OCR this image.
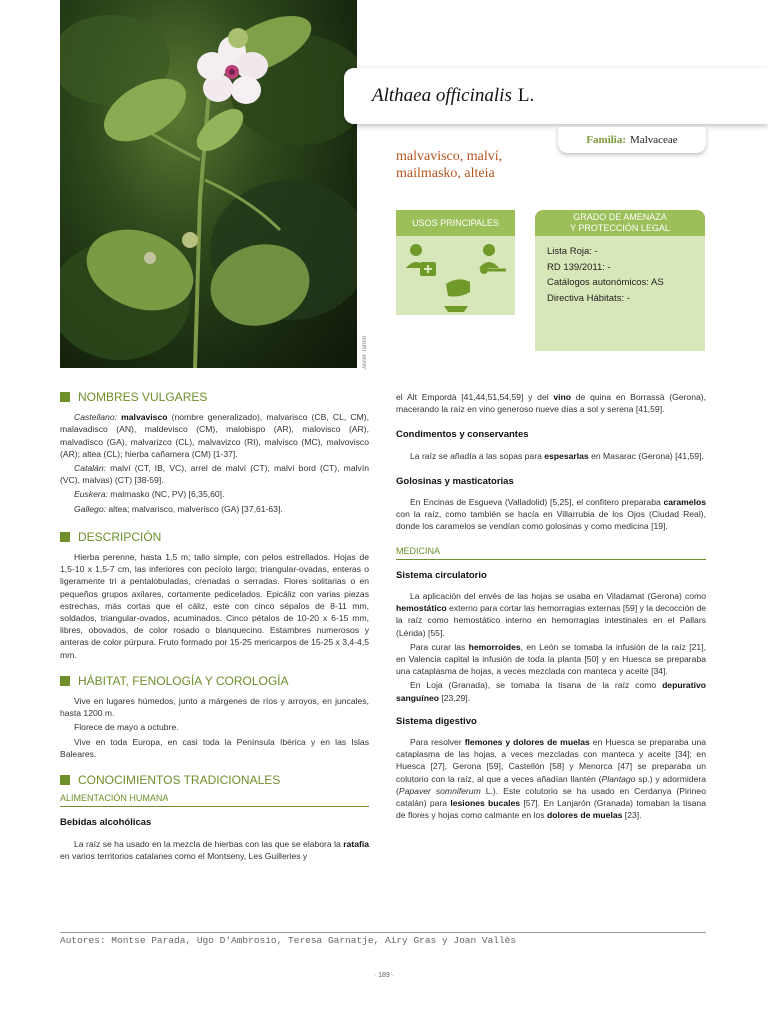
Javier Tardío
Althaea officinalis L.
Familia: Malvaceae
malvavisco, malví,
mailmasko, alteia
USOS PRINCIPALES
GRADO DE AMENAZA
Y PROTECCIÓN LEGAL
Lista Roja: -
RD 139/2011: -
Catálogos autonómicos: AS
Directiva Hábitats: -
NOMBRES VULGARES

Castellano: malvavisco (nombre generalizado), malvarisco (CB, CL, CM), malavadisco (AN), maldevisco (CM), malobispo (AR), malovisco (AR), malvadisco (GA), malvarizco (CL), malvavizco (RI), malvisco (MC), malvovisco (AR); altea (CL); hierba cañamera (CM) [1-37].

Catalán: malví (CT, IB, VC), arrel de malví (CT), malví bord (CT), malvín (VC), malvas) (CT) [38-59].

Euskera: malmasko (NC, PV) [6,35,60].

Gallego: altea; malvarisco, malverisco (GA) [37,61-63].

DESCRIPCIÓN

Hierba perenne, hasta 1,5 m; tallo simple, con pelos estrellados. Hojas de 1,5-10 x 1,5-7 cm, las inferiores con pecíolo largo; triangular-ovadas, enteras o ligeramente tri a pentalobuladas, crenadas o serradas. Flores solitarias o en pequeños grupos axilares, cortamente pedicelados. Epicáliz con varias piezas estrechas, más cortas que el cáliz, este con cinco sépalos de 8-11 mm, soldados, triangular-ovados, acuminados. Cinco pétalos de 10-20 x 6-15 mm, libres, obovados, de color rosado o blanquecino. Estambres numerosos y anteras de color púrpura. Fruto formado por 15-25 mericarpos de 15-25 x 3,4-4,5 mm.

HÁBITAT, FENOLOGÍA Y COROLOGÍA

Vive en lugares húmedos, junto a márgenes de ríos y arroyos, en juncales, hasta 1200 m.

Florece de mayo a octubre.

Vive en toda Europa, en casi toda la Península Ibérica y en las Islas Baleares.

CONOCIMIENTOS TRADICIONALES
ALIMENTACIÓN HUMANA
Bebidas alcohólicas

La raíz se ha usado en la mezcla de hierbas con las que se elabora la ratafia en varios territorios catalanes como el Montseny, Les Guilleries y

el Alt Empordà [41,44,51,54,59] y del vino de quina en Borrassà (Gerona), macerando la raíz en vino generoso nueve días a sol y serena [41,59].

Condimentos y conservantes

La raíz se añadía a las sopas para espesarlas en Masarac (Gerona) [41,59].

Golosinas y masticatorias

En Encinas de Esgueva (Valladolid) [5,25], el confitero preparaba caramelos con la raíz, como también se hacía en Villarrubia de los Ojos (Ciudad Real), donde los caramelos se vendían como golosinas y como medicina [19].

MEDICINA
Sistema circulatorio

La aplicación del envés de las hojas se usaba en Viladamat (Gerona) como hemostático externo para cortar las hemorragias externas [59] y la decocción de la raíz como hemostático interno en hemorragias intestinales en el Pallars (Lérida) [55].

Para curar las hemorroides, en León se tomaba la infusión de la raíz [21], en Valencia capital la infusión de toda la planta [50] y en Huesca se preparaba una cataplasma de hojas, a veces mezclada con manteca y aceite [34].

En Loja (Granada), se tomaba la tisana de la raíz como depurativo sanguíneo [23,29].

Sistema digestivo

Para resolver flemones y dolores de muelas en Huesca se preparaba una cataplasma de las hojas, a veces mezcladas con manteca y aceite [34]; en Huesca [27], Gerona [59], Castellón [58] y Menorca [47] se preparaba un colutorio con la raíz, al que a veces añadían llantén (Plantago sp.) y adormidera (Papaver somniferum L.). Este colutorio se ha usado en Cerdanya (Pirineo catalán) para lesiones bucales [57]. En Lanjarón (Granada) tomaban la tisana de flores y hojas como calmante en los dolores de muelas [23].

Autores: Montse Parada, Ugo D'Ambrosio, Teresa Garnatje, Airy Gras y Joan Vallès
· 189 ·
